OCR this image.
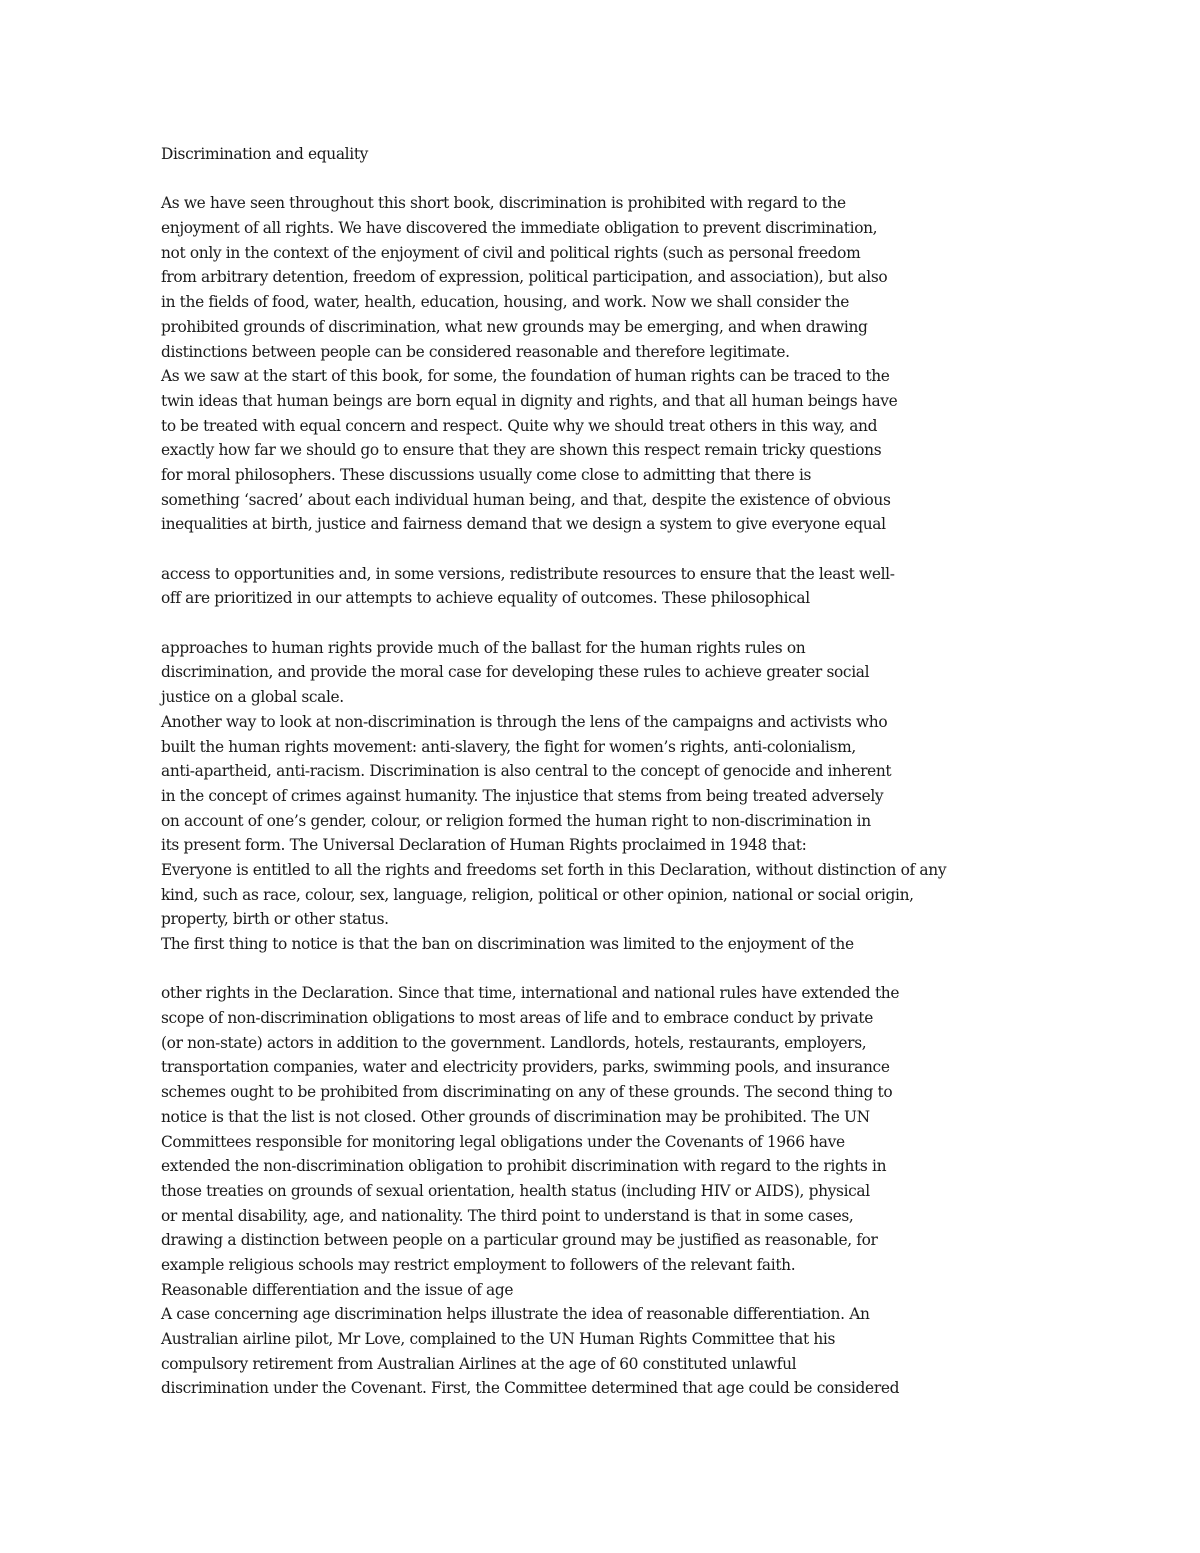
Discrimination and equality
As we have seen throughout this short book, discrimination is prohibited with regard to the
enjoyment of all rights. We have discovered the immediate obligation to prevent discrimination,
not only in the context of the enjoyment of civil and political rights (such as personal freedom
from arbitrary detention, freedom of expression, political participation, and association), but also
in the fields of food, water, health, education, housing, and work. Now we shall consider the
prohibited grounds of discrimination, what new grounds may be emerging, and when drawing
distinctions between people can be considered reasonable and therefore legitimate.
As we saw at the start of this book, for some, the foundation of human rights can be traced to the
twin ideas that human beings are born equal in dignity and rights, and that all human beings have
to be treated with equal concern and respect. Quite why we should treat others in this way, and
exactly how far we should go to ensure that they are shown this respect remain tricky questions
for moral philosophers. These discussions usually come close to admitting that there is
something ‘sacred’ about each individual human being, and that, despite the existence of obvious
inequalities at birth, justice and fairness demand that we design a system to give everyone equal
access to opportunities and, in some versions, redistribute resources to ensure that the least well-
off are prioritized in our attempts to achieve equality of outcomes. These philosophical
approaches to human rights provide much of the ballast for the human rights rules on
discrimination, and provide the moral case for developing these rules to achieve greater social
justice on a global scale.
Another way to look at non-discrimination is through the lens of the campaigns and activists who
built the human rights movement: anti-slavery, the fight for women’s rights, anti-colonialism,
anti-apartheid, anti-racism. Discrimination is also central to the concept of genocide and inherent
in the concept of crimes against humanity. The injustice that stems from being treated adversely
on account of one’s gender, colour, or religion formed the human right to non-discrimination in
its present form. The Universal Declaration of Human Rights proclaimed in 1948 that:
Everyone is entitled to all the rights and freedoms set forth in this Declaration, without distinction of any
kind, such as race, colour, sex, language, religion, political or other opinion, national or social origin,
property, birth or other status.
The first thing to notice is that the ban on discrimination was limited to the enjoyment of the
other rights in the Declaration. Since that time, international and national rules have extended the
scope of non-discrimination obligations to most areas of life and to embrace conduct by private
(or non-state) actors in addition to the government. Landlords, hotels, restaurants, employers,
transportation companies, water and electricity providers, parks, swimming pools, and insurance
schemes ought to be prohibited from discriminating on any of these grounds. The second thing to
notice is that the list is not closed. Other grounds of discrimination may be prohibited. The UN
Committees responsible for monitoring legal obligations under the Covenants of 1966 have
extended the non-discrimination obligation to prohibit discrimination with regard to the rights in
those treaties on grounds of sexual orientation, health status (including HIV or AIDS), physical
or mental disability, age, and nationality. The third point to understand is that in some cases,
drawing a distinction between people on a particular ground may be justified as reasonable, for
example religious schools may restrict employment to followers of the relevant faith.
Reasonable differentiation and the issue of age
A case concerning age discrimination helps illustrate the idea of reasonable differentiation. An
Australian airline pilot, Mr Love, complained to the UN Human Rights Committee that his
compulsory retirement from Australian Airlines at the age of 60 constituted unlawful
discrimination under the Covenant. First, the Committee determined that age could be considered
